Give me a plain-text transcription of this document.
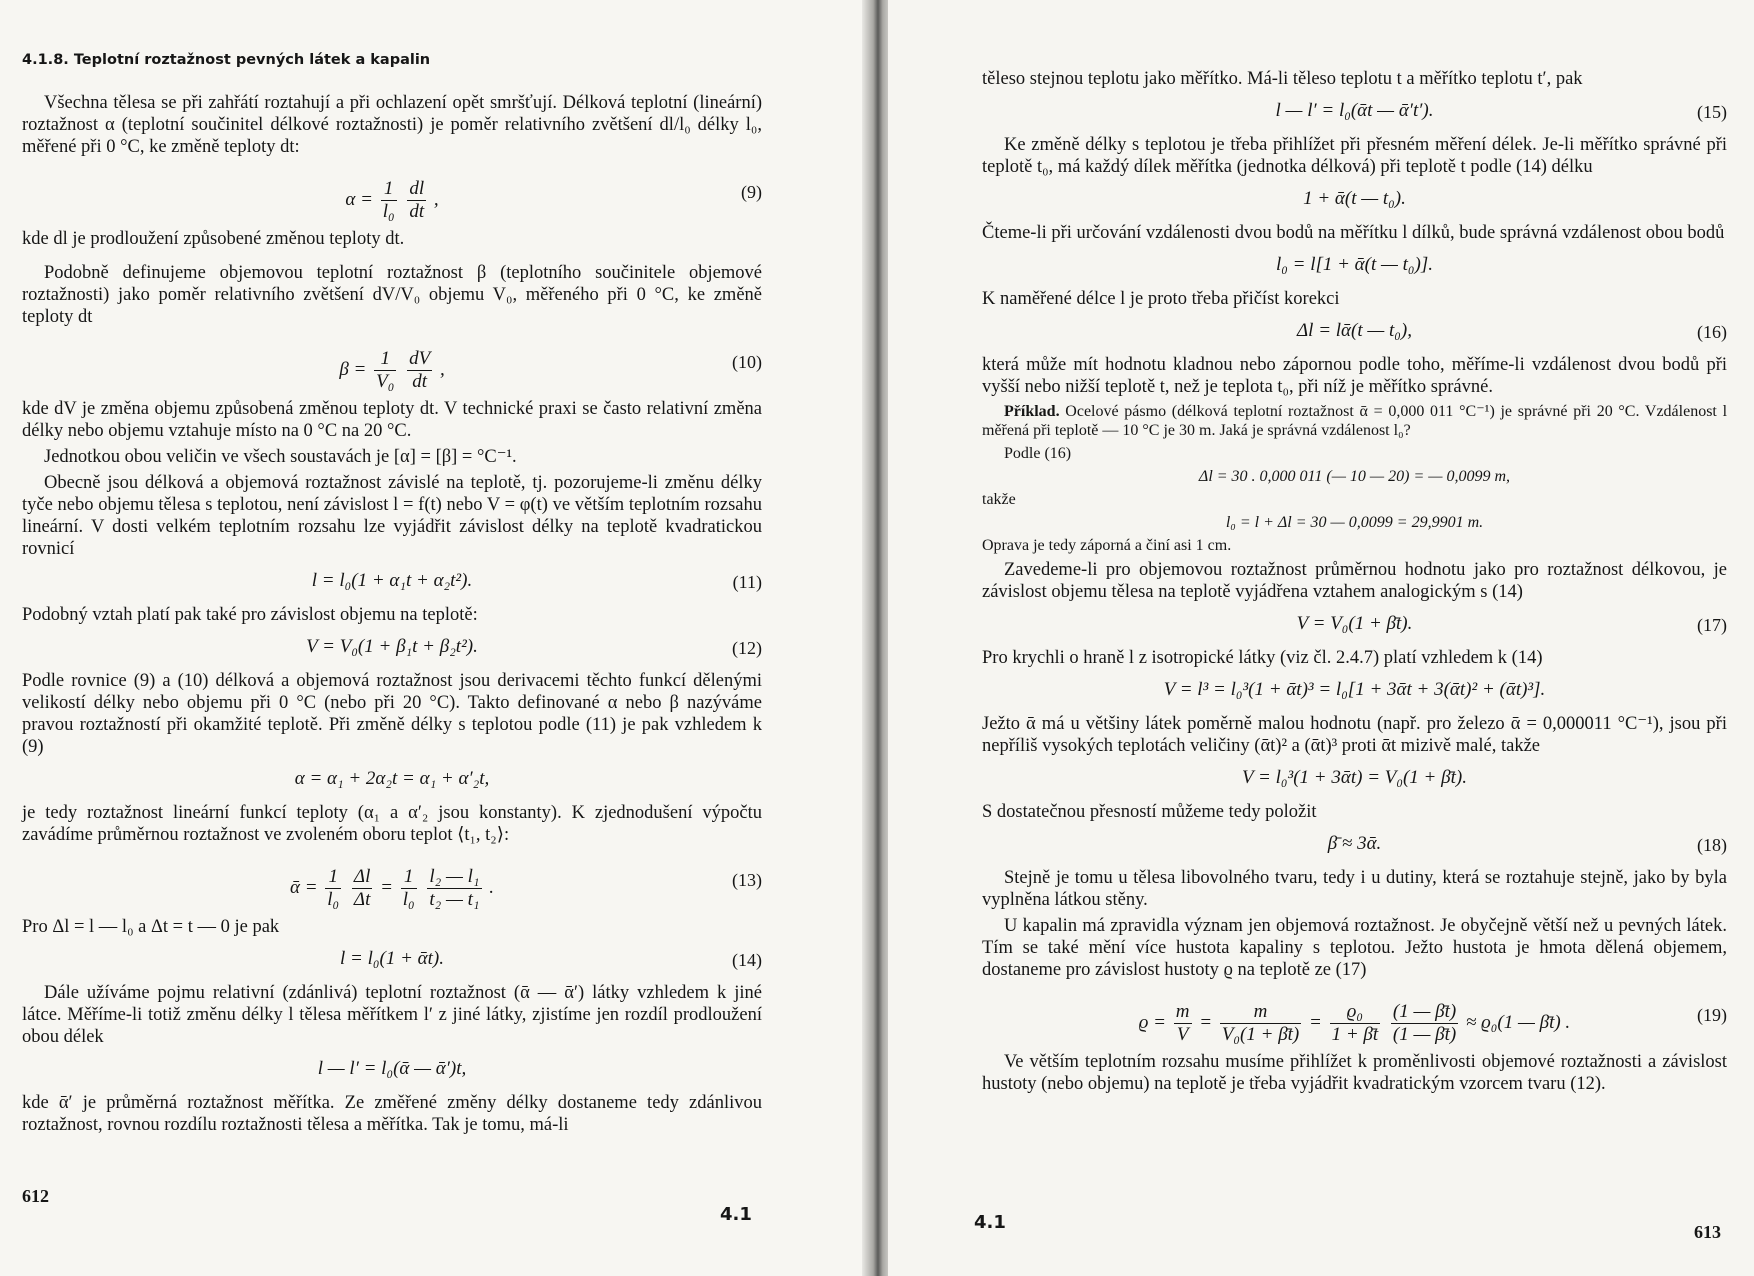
4.1.8. Teplotní roztažnost pevných látek a kapalin

Všechna tělesa se při zahřátí roztahují a při ochlazení opět smršťují. Délková teplotní (lineární) roztažnost α (teplotní součinitel délkové roztažnosti) je poměr relativního zvětšení dl/l₀ délky l₀, měřené při 0 °C, ke změně teploty dt:

$\alpha = \frac{1}{\text{l₀}}$
$\frac{dl}{dt}$ ,	(9)

kde dl je prodloužení způsobené změnou teploty dt.

Podobně definujeme objemovou teplotní roztažnost β (teplotního součinitele objemové roztažnosti) jako poměr relativního zvětšení dV/V₀ objemu V₀, měřeného při 0 °C, ke změně teploty dt

$\beta = \frac{1}{\text{V₀}}$
$\frac{dV}{dt}$ ,	(10)

kde dV je změna objemu způsobená změnou teploty dt. V technické praxi se často relativní změna délky nebo objemu vztahuje místo na 0 °C na 20 °C.

Jednotkou obou veličin ve všech soustavách je [α] = [β] = °C⁻¹.

Obecně jsou délková a objemová roztažnost závislé na teplotě, tj. pozorujeme-li změnu délky tyče nebo objemu tělesa s teplotou, není závislost l = f(t) nebo V = φ(t) ve větším teplotním rozsahu lineární. V dosti velkém teplotním rozsahu lze vyjádřit závislost délky na teplotě kvadratickou rovnicí

l = l₀(1 + α₁t + α₂t²).	(11)

Podobný vztah platí pak také pro závislost objemu na teplotě:

V = V₀(1 + β₁t + β₂t²).	(12)

Podle rovnice (9) a (10) délková a objemová roztažnost jsou derivacemi těchto funkcí dělenými velikostí délky nebo objemu při 0 °C (nebo při 20 °C). Takto definované α nebo β nazýváme pravou roztažností při okamžité teplotě. Při změně délky s teplotou podle (11) je pak vzhledem k (9)

α = α₁ + 2α₂t = α₁ + α′₂t,

je tedy roztažnost lineární funkcí teploty (α₁ a α′₂ jsou konstanty). K zjednodušení výpočtu zavádíme průměrnou roztažnost ve zvoleném oboru teplot ⟨t₁, t₂⟩:

ᾱ = $\frac{1}{\text{l₀}}$
$\frac{\Delta l}{\Delta t} = \frac{1}{\text{l₀}}$
$\frac{\text{l₂ — l₁}}{\text{t₂ — t₁}}$ .	(13)

Pro Δl = l — l₀ a Δt = t — 0 je pak

l = l₀(1 + ᾱt).	(14)

Dále užíváme pojmu relativní (zdánlivá) teplotní roztažnost (ᾱ — ᾱ′) látky vzhledem k jiné látce. Měříme-li totiž změnu délky l tělesa měřítkem l′ z jiné látky, zjistíme jen rozdíl prodloužení obou délek

l — l′ = l₀(ᾱ — ᾱ′)t,

kde ᾱ′ je průměrná roztažnost měřítka. Ze změřené změny délky dostaneme tedy zdánlivou roztažnost, rovnou rozdílu roztažnosti tělesa a měřítka. Tak je tomu, má-li

612
4.1

těleso stejnou teplotu jako měřítko. Má-li těleso teplotu t a měřítko teplotu t′, pak

l — l′ = l₀(ᾱt — ᾱ′t′).	(15)

Ke změně délky s teplotou je třeba přihlížet při přesném měření délek. Je-li měřítko správné při teplotě t₀, má každý dílek měřítka (jednotka délková) při teplotě t podle (14) délku

1 + ᾱ(t — t₀).

Čteme-li při určování vzdálenosti dvou bodů na měřítku l dílků, bude správná vzdálenost obou bodů

l₀ = l[1 + ᾱ(t — t₀)].

K naměřené délce l je proto třeba přičíst korekci

Δl = lᾱ(t — t₀),	(16)

která může mít hodnotu kladnou nebo zápornou podle toho, měříme-li vzdálenost dvou bodů při vyšší nebo nižší teplotě t, než je teplota t₀, při níž je měřítko správné.

Příklad. Ocelové pásmo (délková teplotní roztažnost ᾱ = 0,000 011 °C⁻¹) je správné při 20 °C. Vzdálenost l měřená při teplotě — 10 °C je 30 m. Jaká je správná vzdálenost l₀?

Podle (16)

Δl = 30 . 0,000 011 (— 10 — 20) = — 0,0099 m,

takže

l₀ = l + Δl = 30 — 0,0099 = 29,9901 m.

Oprava je tedy záporná a činí asi 1 cm.

Zavedeme-li pro objemovou roztažnost průměrnou hodnotu jako pro roztažnost délkovou, je závislost objemu tělesa na teplotě vyjádřena vztahem analogickým s (14)

V = V₀(1 + β̄t).	(17)

Pro krychli o hraně l z isotropické látky (viz čl. 2.4.7) platí vzhledem k (14)

V = l³ = l₀³(1 + ᾱt)³ = l₀[1 + 3ᾱt + 3(ᾱt)² + (ᾱt)³].

Ježto ᾱ má u většiny látek poměrně malou hodnotu (např. pro železo ᾱ = 0,000011 °C⁻¹), jsou při nepříliš vysokých teplotách veličiny (ᾱt)² a (ᾱt)³ proti ᾱt mizivě malé, takže

V = l₀³(1 + 3ᾱt) = V₀(1 + β̄t).

S dostatečnou přesností můžeme tedy položit

β̄ ≈ 3ᾱ.	(18)

Stejně je tomu u tělesa libovolného tvaru, tedy i u dutiny, která se roztahuje stejně, jako by byla vyplněna látkou stěny.

U kapalin má zpravidla význam jen objemová roztažnost. Je obyčejně větší než u pevných látek. Tím se také mění více hustota kapaliny s teplotou. Ježto hustota je hmota dělená objemem, dostaneme pro závislost hustoty ϱ na teplotě ze (17)

$ϱ = \frac{m}{V} = \frac{m}{\text{V₀(1 + β̄t)}} = \frac{\text{ϱ₀}}{1 + \betāt}$
$\frac{(1 — \betāt)}{(1 — \betāt)} \approx ϱ_0(1$ — β̄t) .	(19)

Ve větším teplotním rozsahu musíme přihlížet k proměnlivosti objemové roztažnosti a závislost hustoty (nebo objemu) na teplotě je třeba vyjádřit kvadratickým vzorcem tvaru (12).

4.1	613
